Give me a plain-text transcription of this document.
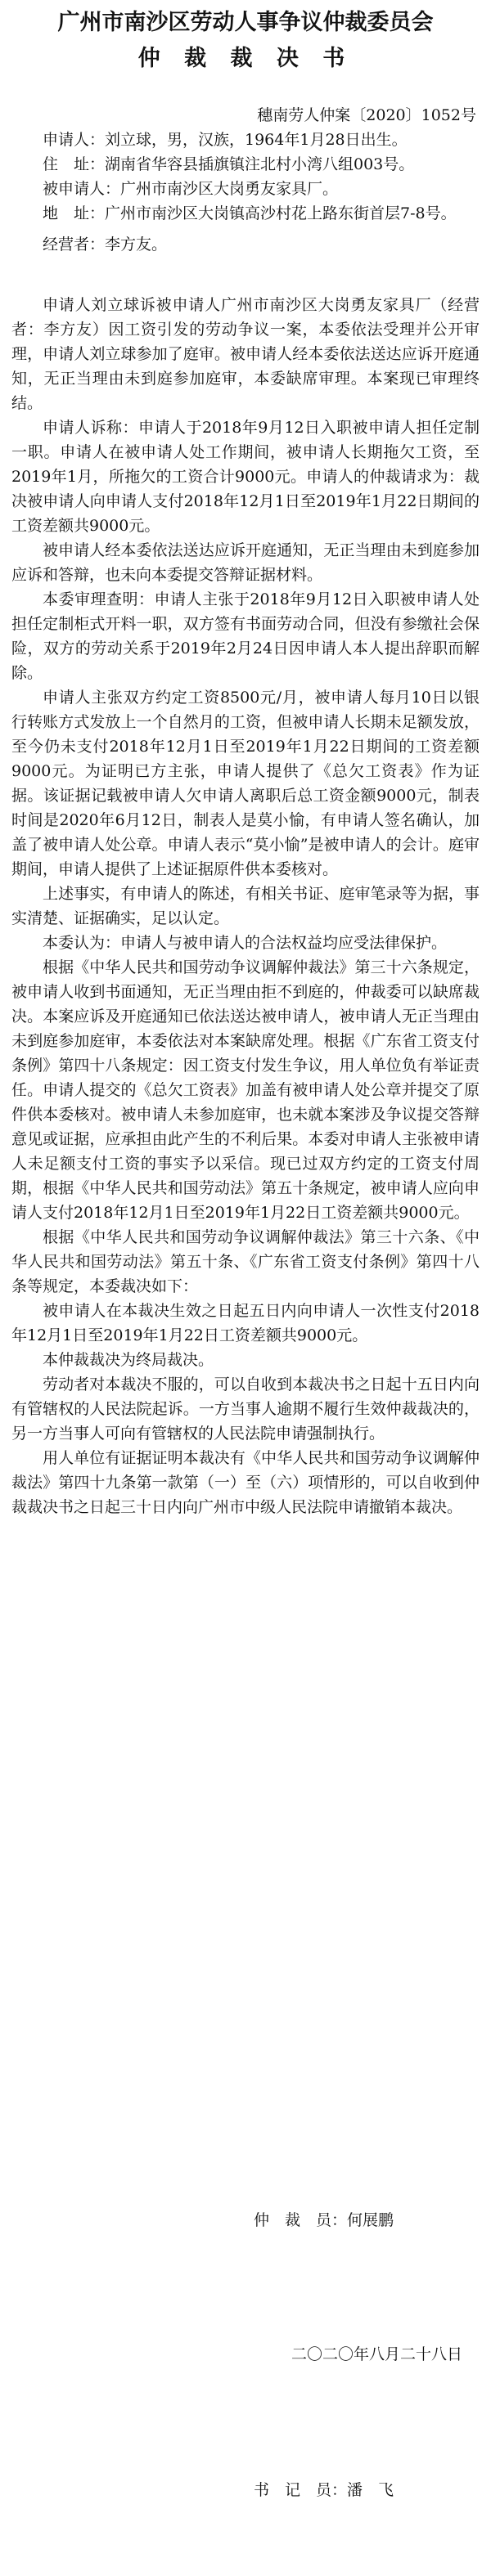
广州市南沙区劳动人事争议仲裁委员会
仲 裁 裁 决 书
穗南劳人仲案〔2020〕1052号

申请人：刘立球，男，汉族，1964年1月28日出生。

住　址：湖南省华容县插旗镇注北村小湾八组003号。

被申请人：广州市南沙区大岗勇友家具厂。

地　址：广州市南沙区大岗镇高沙村花上路东街首层7-8号。

经营者：李方友。

申请人刘立球诉被申请人广州市南沙区大岗勇友家具厂（经营者：李方友）因工资引发的劳动争议一案，本委依法受理并公开审理，申请人刘立球参加了庭审。被申请人经本委依法送达应诉开庭通知，无正当理由未到庭参加庭审，本委缺席审理。本案现已审理终结。

申请人诉称：申请人于2018年9月12日入职被申请人担任定制一职。申请人在被申请人处工作期间，被申请人长期拖欠工资，至2019年1月，所拖欠的工资合计9000元。申请人的仲裁请求为：裁决被申请人向申请人支付2018年12月1日至2019年1月22日期间的工资差额共9000元。

被申请人经本委依法送达应诉开庭通知，无正当理由未到庭参加应诉和答辩，也未向本委提交答辩证据材料。

本委审理查明：申请人主张于2018年9月12日入职被申请人处担任定制柜式开料一职，双方签有书面劳动合同，但没有参缴社会保险，双方的劳动关系于2019年2月24日因申请人本人提出辞职而解除。

申请人主张双方约定工资8500元/月，被申请人每月10日以银行转账方式发放上一个自然月的工资，但被申请人长期未足额发放，至今仍未支付2018年12月1日至2019年1月22日期间的工资差额9000元。为证明已方主张，申请人提供了《总欠工资表》作为证据。该证据记载被申请人欠申请人离职后总工资金额9000元，制表时间是2020年6月12日，制表人是莫小愉，有申请人签名确认，加盖了被申请人处公章。申请人表示“莫小愉”是被申请人的会计。庭审期间，申请人提供了上述证据原件供本委核对。

上述事实，有申请人的陈述，有相关书证、庭审笔录等为据，事实清楚、证据确实，足以认定。

本委认为：申请人与被申请人的合法权益均应受法律保护。

根据《中华人民共和国劳动争议调解仲裁法》第三十六条规定，被申请人收到书面通知，无正当理由拒不到庭的，仲裁委可以缺席裁决。本案应诉及开庭通知已依法送达被申请人，被申请人无正当理由未到庭参加庭审，本委依法对本案缺席处理。根据《广东省工资支付条例》第四十八条规定：因工资支付发生争议，用人单位负有举证责任。申请人提交的《总欠工资表》加盖有被申请人处公章并提交了原件供本委核对。被申请人未参加庭审，也未就本案涉及争议提交答辩意见或证据，应承担由此产生的不利后果。本委对申请人主张被申请人未足额支付工资的事实予以采信。现已过双方约定的工资支付周期，根据《中华人民共和国劳动法》第五十条规定，被申请人应向申请人支付2018年12月1日至2019年1月22日工资差额共9000元。

根据《中华人民共和国劳动争议调解仲裁法》第三十六条、《中华人民共和国劳动法》第五十条、《广东省工资支付条例》第四十八条等规定，本委裁决如下：

被申请人在本裁决生效之日起五日内向申请人一次性支付2018年12月1日至2019年1月22日工资差额共9000元。

本仲裁裁决为终局裁决。

劳动者对本裁决不服的，可以自收到本裁决书之日起十五日内向有管辖权的人民法院起诉。一方当事人逾期不履行生效仲裁裁决的，另一方当事人可向有管辖权的人民法院申请强制执行。

用人单位有证据证明本裁决有《中华人民共和国劳动争议调解仲裁法》第四十九条第一款第（一）至（六）项情形的，可以自收到仲裁裁决书之日起三十日内向广州市中级人民法院申请撤销本裁决。

仲　裁　员：何展鹏

二〇二〇年八月二十八日

书　记　员：潘　飞
